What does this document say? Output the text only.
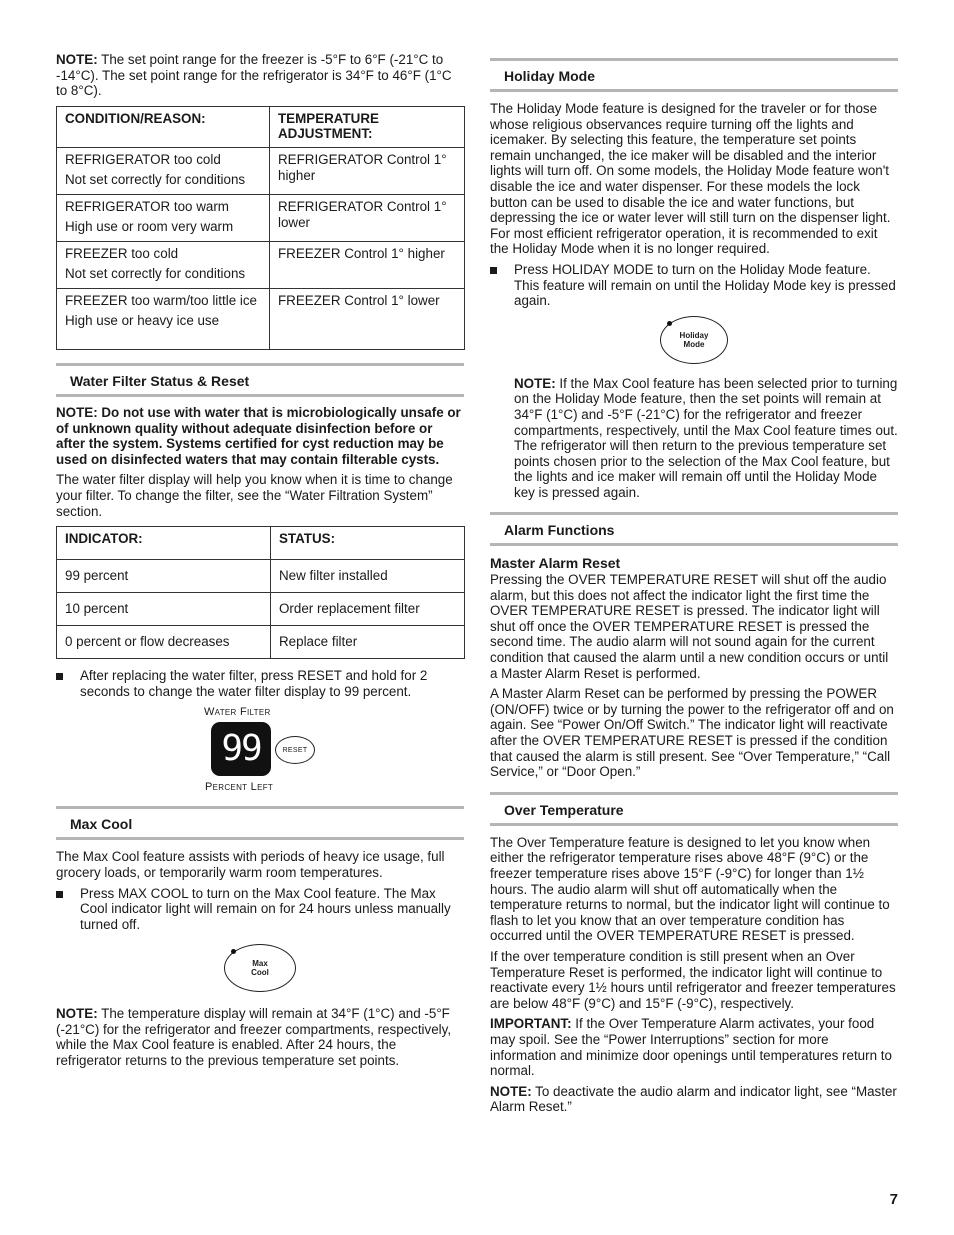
NOTE: The set point range for the freezer is -5°F to 6°F (-21°C to -14°C). The set point range for the refrigerator is 34°F to 46°F (1°C to 8°C).

CONDITION/REASON:	TEMPERATURE ADJUSTMENT:

REFRIGERATOR too cold
Not set correctly for conditions	REFRIGERATOR Control 1° higher

REFRIGERATOR too warm
High use or room very warm	REFRIGERATOR Control 1° lower

FREEZER too cold
Not set correctly for conditions	FREEZER Control 1° higher

FREEZER too warm/too little ice
High use or heavy ice use	FREEZER Control 1° lower
Water Filter Status & Reset

NOTE: Do not use with water that is microbiologically unsafe or of unknown quality without adequate disinfection before or after the system. Systems certified for cyst reduction may be used on disinfected waters that may contain filterable cysts.

The water filter display will help you know when it is time to change your filter. To change the filter, see the “Water Filtration System” section.

INDICATOR:	STATUS:
99 percent	New filter installed
10 percent	Order replacement filter
0 percent or flow decreases	Replace filter
After replacing the water filter, press RESET and hold for 2 seconds to change the water filter display to 99 percent.
Water Filter
99	RESET
Percent Left
Max Cool

The Max Cool feature assists with periods of heavy ice usage, full grocery loads, or temporarily warm room temperatures.

Press MAX COOL to turn on the Max Cool feature. The Max Cool indicator light will remain on for 24 hours unless manually turned off.
Max
Cool

NOTE: The temperature display will remain at 34°F (1°C) and -5°F (-21°C) for the refrigerator and freezer compartments, respectively, while the Max Cool feature is enabled. After 24 hours, the refrigerator returns to the previous temperature set points.

Holiday Mode

The Holiday Mode feature is designed for the traveler or for those whose religious observances require turning off the lights and icemaker. By selecting this feature, the temperature set points remain unchanged, the ice maker will be disabled and the interior lights will turn off. On some models, the Holiday Mode feature won't disable the ice and water dispenser. For these models the lock button can be used to disable the ice and water functions, but depressing the ice or water lever will still turn on the dispenser light. For most efficient refrigerator operation, it is recommended to exit the Holiday Mode when it is no longer required.

Press HOLIDAY MODE to turn on the Holiday Mode feature. This feature will remain on until the Holiday Mode key is pressed again.
Holiday
Mode

NOTE: If the Max Cool feature has been selected prior to turning on the Holiday Mode feature, then the set points will remain at 34°F (1°C) and -5°F (-21°C) for the refrigerator and freezer compartments, respectively, until the Max Cool feature times out. The refrigerator will then return to the previous temperature set points chosen prior to the selection of the Max Cool feature, but the lights and ice maker will remain off until the Holiday Mode key is pressed again.

Alarm Functions
Master Alarm Reset

Pressing the OVER TEMPERATURE RESET will shut off the audio alarm, but this does not affect the indicator light the first time the OVER TEMPERATURE RESET is pressed. The indicator light will shut off once the OVER TEMPERATURE RESET is pressed the second time. The audio alarm will not sound again for the current condition that caused the alarm until a new condition occurs or until a Master Alarm Reset is performed.

A Master Alarm Reset can be performed by pressing the POWER (ON/OFF) twice or by turning the power to the refrigerator off and on again. See “Power On/Off Switch.” The indicator light will reactivate after the OVER TEMPERATURE RESET is pressed if the condition that caused the alarm is still present. See “Over Temperature,” “Call Service,” or “Door Open.”

Over Temperature

The Over Temperature feature is designed to let you know when either the refrigerator temperature rises above 48°F (9°C) or the freezer temperature rises above 15°F (-9°C) for longer than 1½ hours. The audio alarm will shut off automatically when the temperature returns to normal, but the indicator light will continue to flash to let you know that an over temperature condition has occurred until the OVER TEMPERATURE RESET is pressed.

If the over temperature condition is still present when an Over Temperature Reset is performed, the indicator light will continue to reactivate every 1½ hours until refrigerator and freezer temperatures are below 48°F (9°C) and 15°F (-9°C), respectively.

IMPORTANT: If the Over Temperature Alarm activates, your food may spoil. See the “Power Interruptions” section for more information and minimize door openings until temperatures return to normal.

NOTE: To deactivate the audio alarm and indicator light, see “Master Alarm Reset.”

7
